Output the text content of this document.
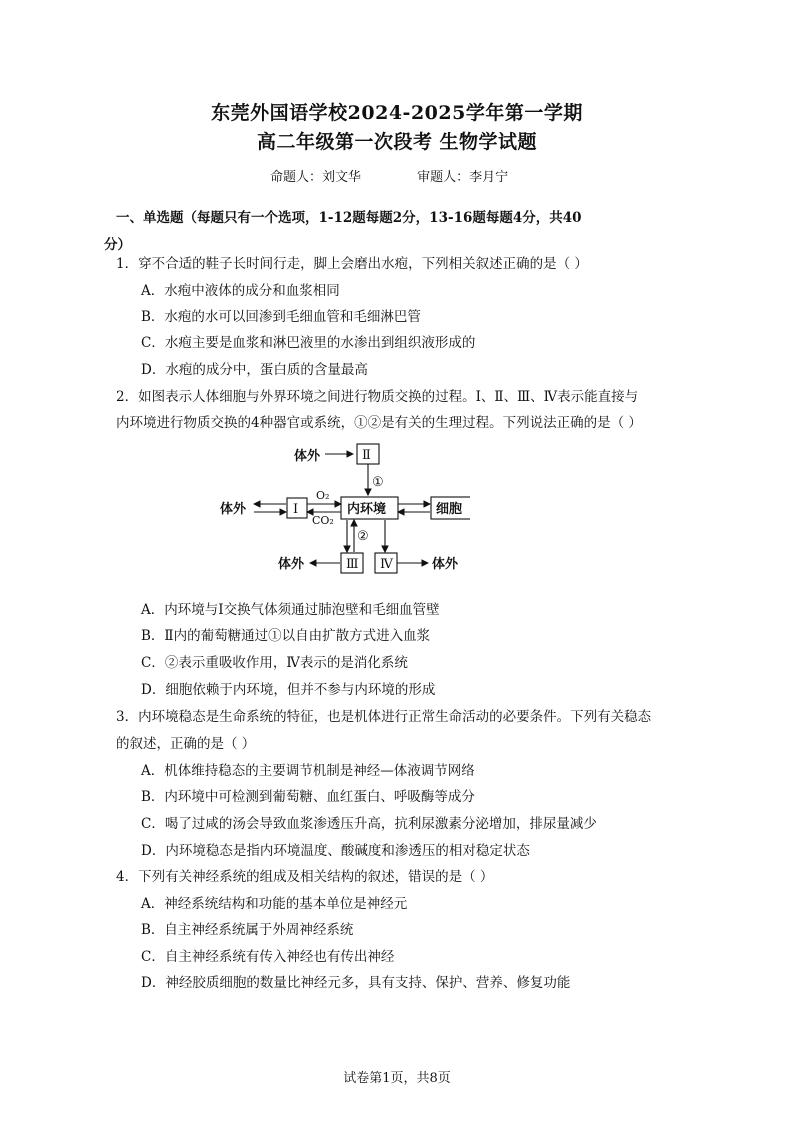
东莞外国语学校2024-2025学年第一学期
高二年级第一次段考 生物学试题
命题人：刘文华	审题人：李月宁
一、单选题（每题只有一个选项，1-12题每题2分，13-16题每题4分，共40
分）
1．穿不合适的鞋子长时间行走，脚上会磨出水疱，下列相关叙述正确的是（ ）
A．水疱中液体的成分和血浆相同
B．水疱的水可以回渗到毛细血管和毛细淋巴管
C．水疱主要是血浆和淋巴液里的水渗出到组织液形成的
D．水疱的成分中，蛋白质的含量最高
2．如图表示人体细胞与外界环境之间进行物质交换的过程。Ⅰ、Ⅱ、Ⅲ、Ⅳ表示能直接与
内环境进行物质交换的4种器官或系统，①②是有关的生理过程。下列说法正确的是（ ）
体外	Ⅱ
①
体外	Ⅰ
O₂
CO₂
内环境	细胞
②
体外	Ⅲ Ⅳ	体外
A．内环境与Ⅰ交换气体须通过肺泡壁和毛细血管壁
B．Ⅱ内的葡萄糖通过①以自由扩散方式进入血浆
C．②表示重吸收作用，Ⅳ表示的是消化系统
D．细胞依赖于内环境，但并不参与内环境的形成
3．内环境稳态是生命系统的特征，也是机体进行正常生命活动的必要条件。下列有关稳态
的叙述，正确的是（ ）
A．机体维持稳态的主要调节机制是神经—体液调节网络
B．内环境中可检测到葡萄糖、血红蛋白、呼吸酶等成分
C．喝了过咸的汤会导致血浆渗透压升高，抗利尿激素分泌增加，排尿量减少
D．内环境稳态是指内环境温度、酸碱度和渗透压的相对稳定状态
4．下列有关神经系统的组成及相关结构的叙述，错误的是（ ）
A．神经系统结构和功能的基本单位是神经元
B．自主神经系统属于外周神经系统
C．自主神经系统有传入神经也有传出神经
D．神经胶质细胞的数量比神经元多，具有支持、保护、营养、修复功能
试卷第1页，共8页
